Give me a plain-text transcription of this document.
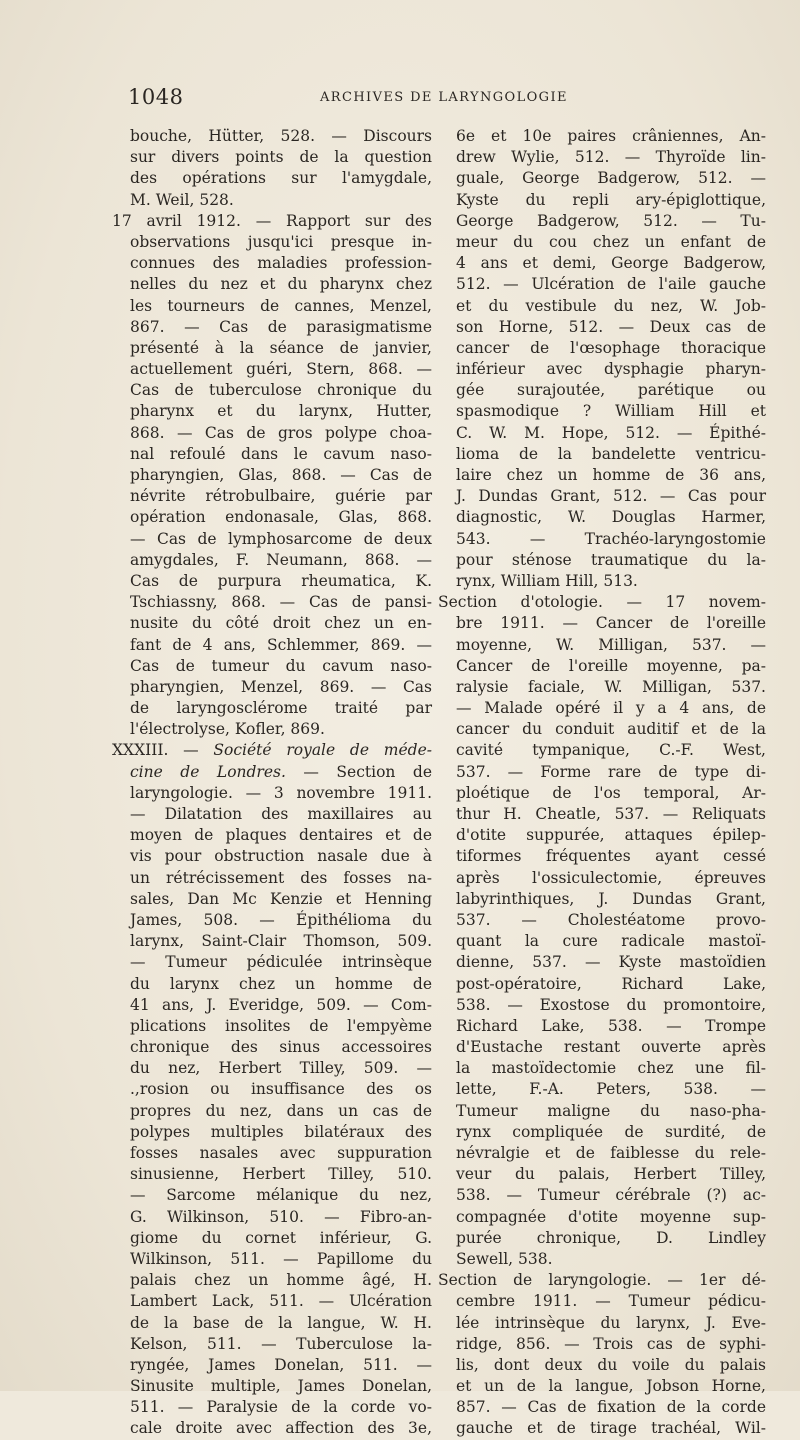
1048	ARCHIVES DE LARYNGOLOGIE
bouche, Hütter, 528. — Discours
sur divers points de la question
des opérations sur l'amygdale,
M. Weil, 528.
17 avril 1912. — Rapport sur des
observations jusqu'ici presque in-
connues des maladies profession-
nelles du nez et du pharynx chez
les tourneurs de cannes, Menzel,
867. — Cas de parasigmatisme
présenté à la séance de janvier,
actuellement guéri, Stern, 868. —
Cas de tuberculose chronique du
pharynx et du larynx, Hutter,
868. — Cas de gros polype choa-
nal refoulé dans le cavum naso-
pharyngien, Glas, 868. — Cas de
névrite rétrobulbaire, guérie par
opération endonasale, Glas, 868.
— Cas de lymphosarcome de deux
amygdales, F. Neumann, 868. —
Cas de purpura rheumatica, K.
Tschiassny, 868. — Cas de pansi-
nusite du côté droit chez un en-
fant de 4 ans, Schlemmer, 869. —
Cas de tumeur du cavum naso-
pharyngien, Menzel, 869. — Cas
de laryngosclérome traité par
l'électrolyse, Kofler, 869.
XXXIII. — Société royale de méde-
cine de Londres. — Section de
laryngologie. — 3 novembre 1911.
— Dilatation des maxillaires au
moyen de plaques dentaires et de
vis pour obstruction nasale due à
un rétrécissement des fosses na-
sales, Dan Mc Kenzie et Henning
James, 508. — Épithélioma du
larynx, Saint-Clair Thomson, 509.
— Tumeur pédiculée intrinsèque
du larynx chez un homme de
41 ans, J. Everidge, 509. — Com-
plications insolites de l'empyème
chronique des sinus accessoires
du nez, Herbert Tilley, 509. —
.,rosion ou insuffisance des os
propres du nez, dans un cas de
polypes multiples bilatéraux des
fosses nasales avec suppuration
sinusienne, Herbert Tilley, 510.
— Sarcome mélanique du nez,
G. Wilkinson, 510. — Fibro-an-
giome du cornet inférieur, G.
Wilkinson, 511. — Papillome du
palais chez un homme âgé, H.
Lambert Lack, 511. — Ulcération
de la base de la langue, W. H.
Kelson, 511. — Tuberculose la-
ryngée, James Donelan, 511. —
Sinusite multiple, James Donelan,
511. — Paralysie de la corde vo-
cale droite avec affection des 3e,
6e et 10e paires crâniennes, An-
drew Wylie, 512. — Thyroïde lin-
guale, George Badgerow, 512. —
Kyste du repli ary-épiglottique,
George Badgerow, 512. — Tu-
meur du cou chez un enfant de
4 ans et demi, George Badgerow,
512. — Ulcération de l'aile gauche
et du vestibule du nez, W. Job-
son Horne, 512. — Deux cas de
cancer de l'œsophage thoracique
inférieur avec dysphagie pharyn-
gée surajoutée, parétique ou
spasmodique ? William Hill et
C. W. M. Hope, 512. — Épithé-
lioma de la bandelette ventricu-
laire chez un homme de 36 ans,
J. Dundas Grant, 512. — Cas pour
diagnostic, W. Douglas Harmer,
543. — Trachéo-laryngostomie
pour sténose traumatique du la-
rynx, William Hill, 513.
Section d'otologie. — 17 novem-
bre 1911. — Cancer de l'oreille
moyenne, W. Milligan, 537. —
Cancer de l'oreille moyenne, pa-
ralysie faciale, W. Milligan, 537.
— Malade opéré il y a 4 ans, de
cancer du conduit auditif et de la
cavité tympanique, C.-F. West,
537. — Forme rare de type di-
ploétique de l'os temporal, Ar-
thur H. Cheatle, 537. — Reliquats
d'otite suppurée, attaques épilep-
tiformes fréquentes ayant cessé
après l'ossiculectomie, épreuves
labyrinthiques, J. Dundas Grant,
537. — Cholestéatome provo-
quant la cure radicale mastoï-
dienne, 537. — Kyste mastoïdien
post-opératoire, Richard Lake,
538. — Exostose du promontoire,
Richard Lake, 538. — Trompe
d'Eustache restant ouverte après
la mastoïdectomie chez une fil-
lette, F.-A. Peters, 538. —
Tumeur maligne du naso-pha-
rynx compliquée de surdité, de
névralgie et de faiblesse du rele-
veur du palais, Herbert Tilley,
538. — Tumeur cérébrale (?) ac-
compagnée d'otite moyenne sup-
purée chronique, D. Lindley
Sewell, 538.
Section de laryngologie. — 1er dé-
cembre 1911. — Tumeur pédicu-
lée intrinsèque du larynx, J. Eve-
ridge, 856. — Trois cas de syphi-
lis, dont deux du voile du palais
et un de la langue, Jobson Horne,
857. — Cas de fixation de la corde
gauche et de tirage trachéal, Wil-
